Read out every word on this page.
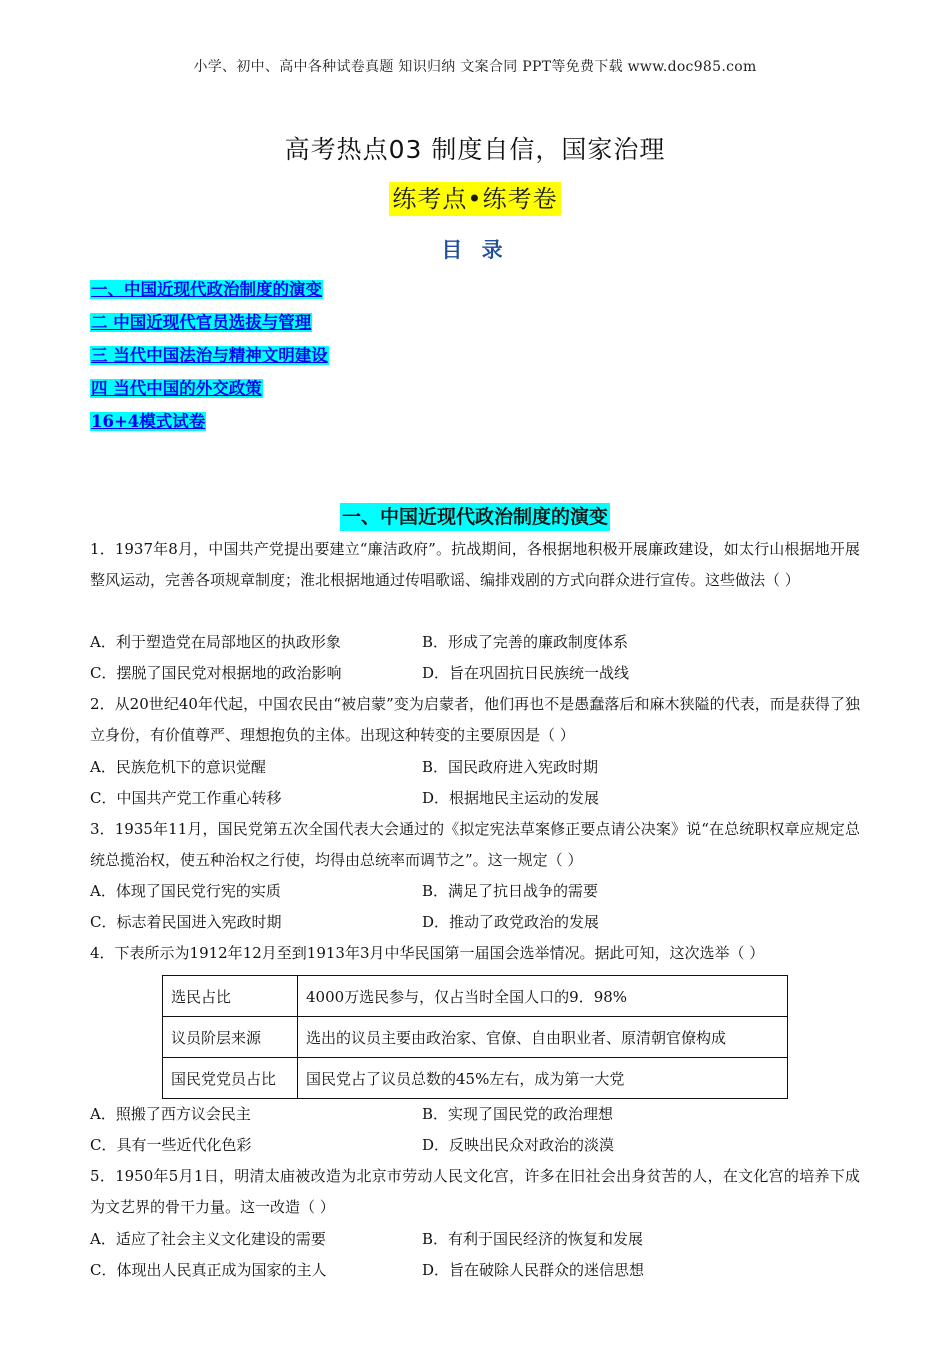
小学、初中、高中各种试卷真题 知识归纳 文案合同 PPT等免费下载 www.doc985.com
高考热点03 制度自信，国家治理
练考点•练考卷
目 录
一、中国近现代政治制度的演变
二 中国近现代官员选拔与管理
三 当代中国法治与精神文明建设
四 当代中国的外交政策
16+4模式试卷
一、中国近现代政治制度的演变
1．1937年8月，中国共产党提出要建立“廉洁政府”。抗战期间，各根据地积极开展廉政建设，如太行山根据地开展整风运动，完善各项规章制度；淮北根据地通过传唱歌谣、编排戏剧的方式向群众进行宣传。这些做法（ ）
A．利于塑造党在局部地区的执政形象	B．形成了完善的廉政制度体系
C．摆脱了国民党对根据地的政治影响	D．旨在巩固抗日民族统一战线
2．从20世纪40年代起，中国农民由“被启蒙”变为启蒙者，他们再也不是愚蠢落后和麻木狭隘的代表，而是获得了独立身份，有价值尊严、理想抱负的主体。出现这种转变的主要原因是（ ）
A．民族危机下的意识觉醒	B．国民政府进入宪政时期
C．中国共产党工作重心转移	D．根据地民主运动的发展
3．1935年11月，国民党第五次全国代表大会通过的《拟定宪法草案修正要点请公决案》说“在总统职权章应规定总统总揽治权，使五种治权之行使，均得由总统率而调节之”。这一规定（ ）
A．体现了国民党行宪的实质	B．满足了抗日战争的需要
C．标志着民国进入宪政时期	D．推动了政党政治的发展
4．下表所示为1912年12月至到1913年3月中华民国第一届国会选举情况。据此可知，这次选举（ ）
选民占比	4000万选民参与，仅占当时全国人口的9．98%
议员阶层来源	选出的议员主要由政治家、官僚、自由职业者、原清朝官僚构成
国民党党员占比	国民党占了议员总数的45%左右，成为第一大党
A．照搬了西方议会民主	B．实现了国民党的政治理想
C．具有一些近代化色彩	D．反映出民众对政治的淡漠
5．1950年5月1日，明清太庙被改造为北京市劳动人民文化宫，许多在旧社会出身贫苦的人，在文化宫的培养下成为文艺界的骨干力量。这一改造（ ）
A．适应了社会主义文化建设的需要	B．有利于国民经济的恢复和发展
C．体现出人民真正成为国家的主人	D．旨在破除人民群众的迷信思想
